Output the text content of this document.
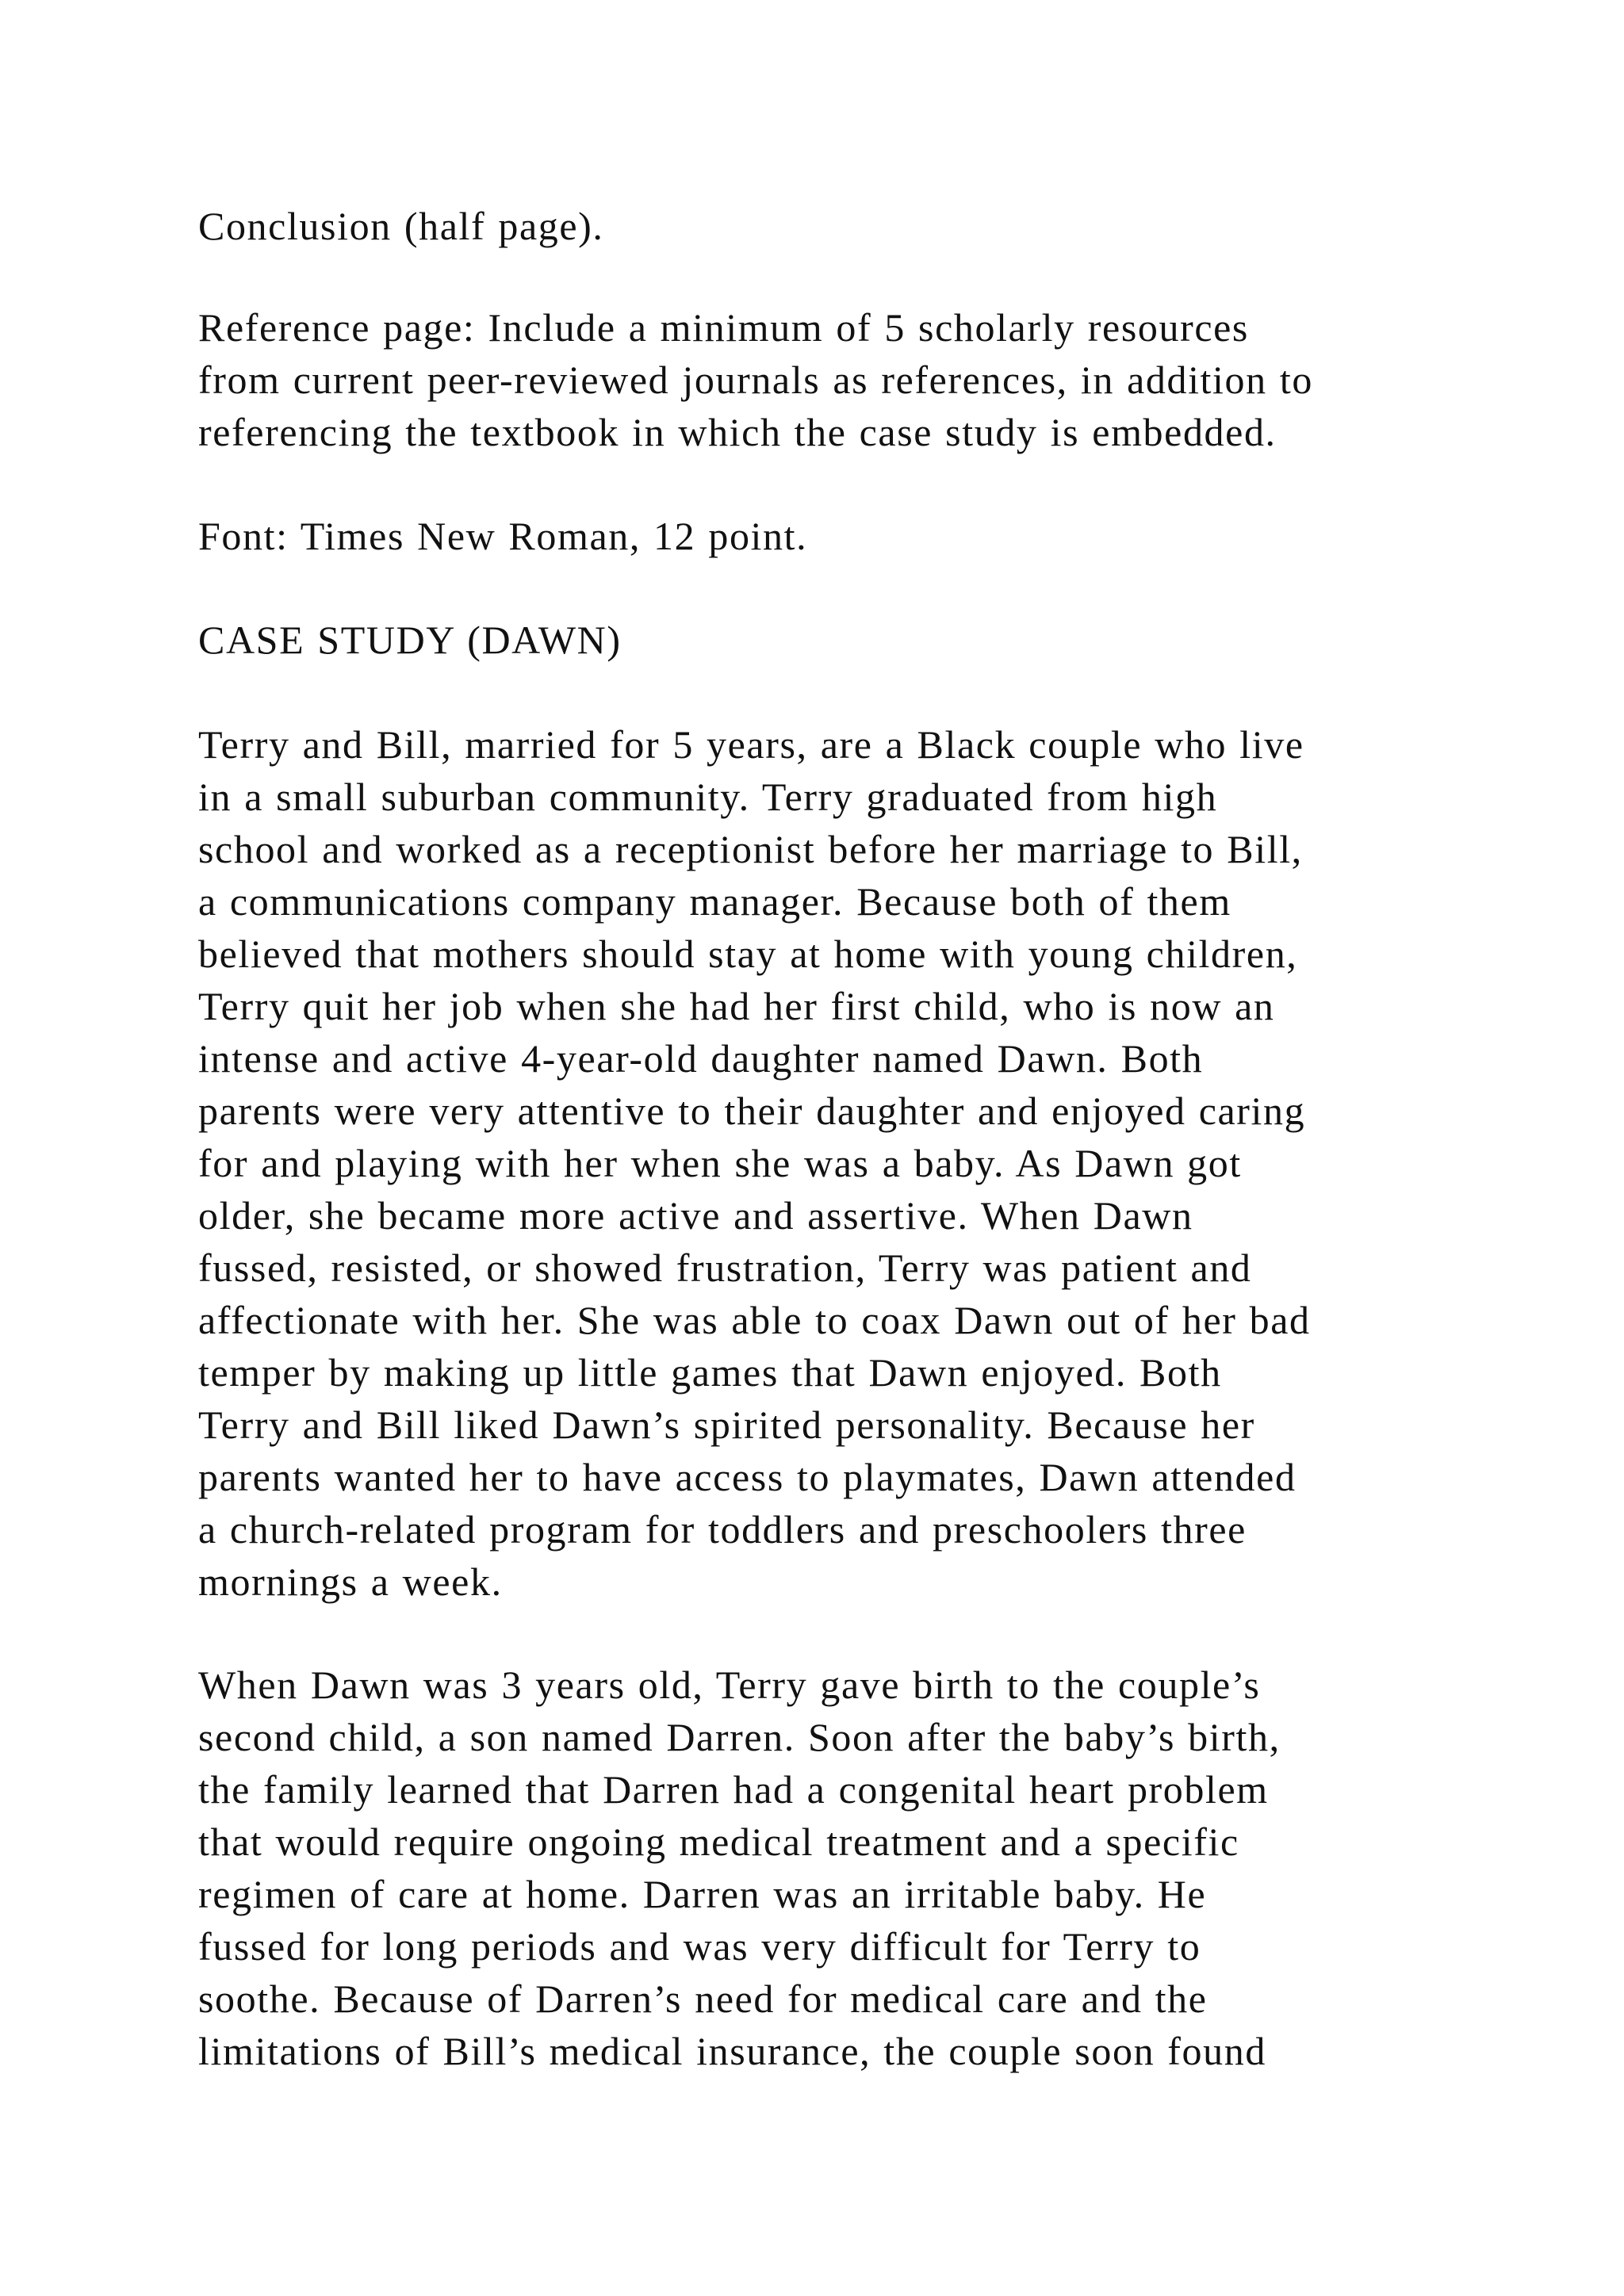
Conclusion (half page).
Reference page: Include a minimum of 5 scholarly resources
from current peer-reviewed journals as references, in addition to
referencing the textbook in which the case study is embedded.
Font: Times New Roman, 12 point.
CASE STUDY (DAWN)
Terry and Bill, married for 5 years, are a Black couple who live
in a small suburban community. Terry graduated from high
school and worked as a receptionist before her marriage to Bill,
a communications company manager. Because both of them
believed that mothers should stay at home with young children,
Terry quit her job when she had her first child, who is now an
intense and active 4-year-old daughter named Dawn. Both
parents were very attentive to their daughter and enjoyed caring
for and playing with her when she was a baby. As Dawn got
older, she became more active and assertive. When Dawn
fussed, resisted, or showed frustration, Terry was patient and
affectionate with her. She was able to coax Dawn out of her bad
temper by making up little games that Dawn enjoyed. Both
Terry and Bill liked Dawn’s spirited personality. Because her
parents wanted her to have access to playmates, Dawn attended
a church-related program for toddlers and preschoolers three
mornings a week.
When Dawn was 3 years old, Terry gave birth to the couple’s
second child, a son named Darren. Soon after the baby’s birth,
the family learned that Darren had a congenital heart problem
that would require ongoing medical treatment and a specific
regimen of care at home. Darren was an irritable baby. He
fussed for long periods and was very difficult for Terry to
soothe. Because of Darren’s need for medical care and the
limitations of Bill’s medical insurance, the couple soon found
